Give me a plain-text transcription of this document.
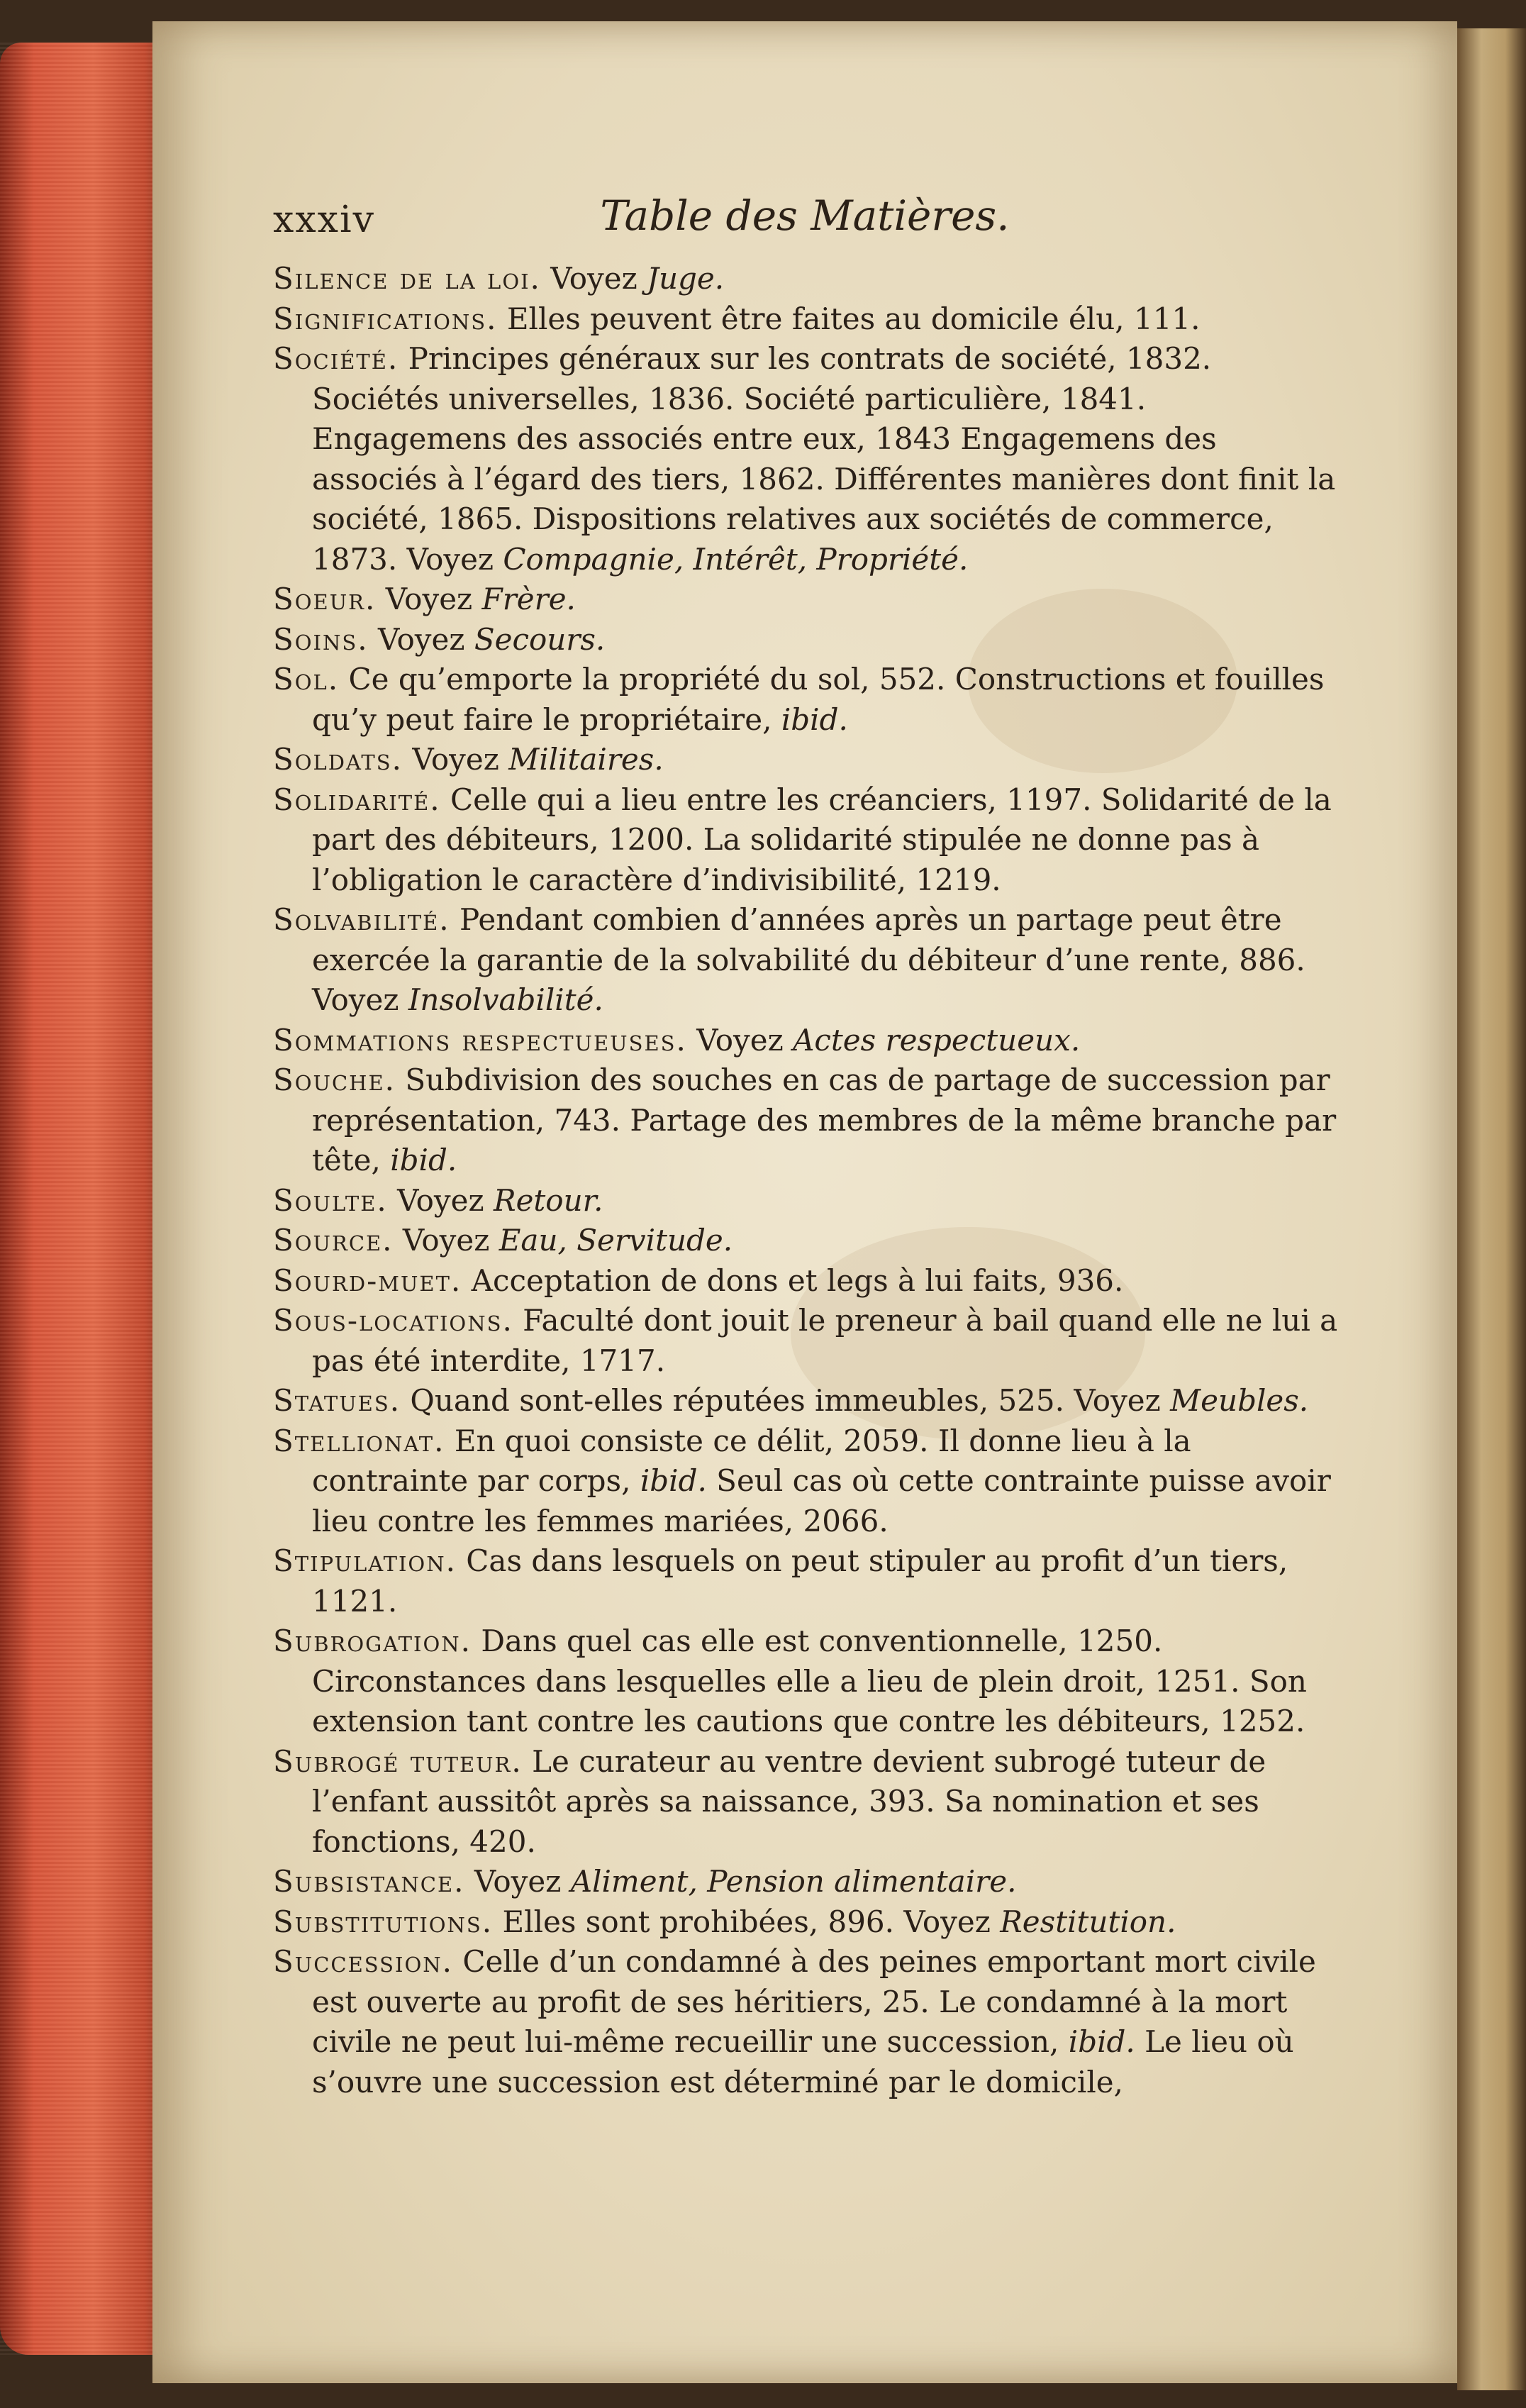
xxxiv	Table des Matières.

Silence de la loi. Voyez Juge.

Significations. Elles peuvent être faites au domicile élu, 111.

Société. Principes généraux sur les contrats de société, 1832. Sociétés universelles, 1836. Société particulière, 1841. Engagemens des associés entre eux, 1843 Engagemens des associés à l’égard des tiers, 1862. Différentes manières dont finit la société, 1865. Dispositions relatives aux sociétés de commerce, 1873. Voyez Compagnie, Intérêt, Propriété.

Soeur. Voyez Frère.

Soins. Voyez Secours.

Sol. Ce qu’emporte la propriété du sol, 552. Constructions et fouilles qu’y peut faire le propriétaire, ibid.

Soldats. Voyez Militaires.

Solidarité. Celle qui a lieu entre les créanciers, 1197. Solidarité de la part des débiteurs, 1200. La solidarité stipulée ne donne pas à l’obligation le caractère d’indivisibilité, 1219.

Solvabilité. Pendant combien d’années après un partage peut être exercée la garantie de la solvabilité du débiteur d’une rente, 886. Voyez Insolvabilité.

Sommations respectueuses. Voyez Actes respectueux.

Souche. Subdivision des souches en cas de partage de succession par représentation, 743. Partage des membres de la même branche par tête, ibid.

Soulte. Voyez Retour.

Source. Voyez Eau, Servitude.

Sourd-muet. Acceptation de dons et legs à lui faits, 936.

Sous-locations. Faculté dont jouit le preneur à bail quand elle ne lui a pas été interdite, 1717.

Statues. Quand sont-elles réputées immeubles, 525. Voyez Meubles.

Stellionat. En quoi consiste ce délit, 2059. Il donne lieu à la contrainte par corps, ibid. Seul cas où cette contrainte puisse avoir lieu contre les femmes mariées, 2066.

Stipulation. Cas dans lesquels on peut stipuler au profit d’un tiers, 1121.

Subrogation. Dans quel cas elle est conventionnelle, 1250. Circonstances dans lesquelles elle a lieu de plein droit, 1251. Son extension tant contre les cautions que contre les débiteurs, 1252.

Subrogé tuteur. Le curateur au ventre devient subrogé tuteur de l’enfant aussitôt après sa naissance, 393. Sa nomination et ses fonctions, 420.

Subsistance. Voyez Aliment, Pension alimentaire.

Substitutions. Elles sont prohibées, 896. Voyez Restitution.

Succession. Celle d’un condamné à des peines emportant mort civile est ouverte au profit de ses héritiers, 25. Le condamné à la mort civile ne peut lui-même recueillir une succession, ibid. Le lieu où s’ouvre une succession est déterminé par le domicile,
